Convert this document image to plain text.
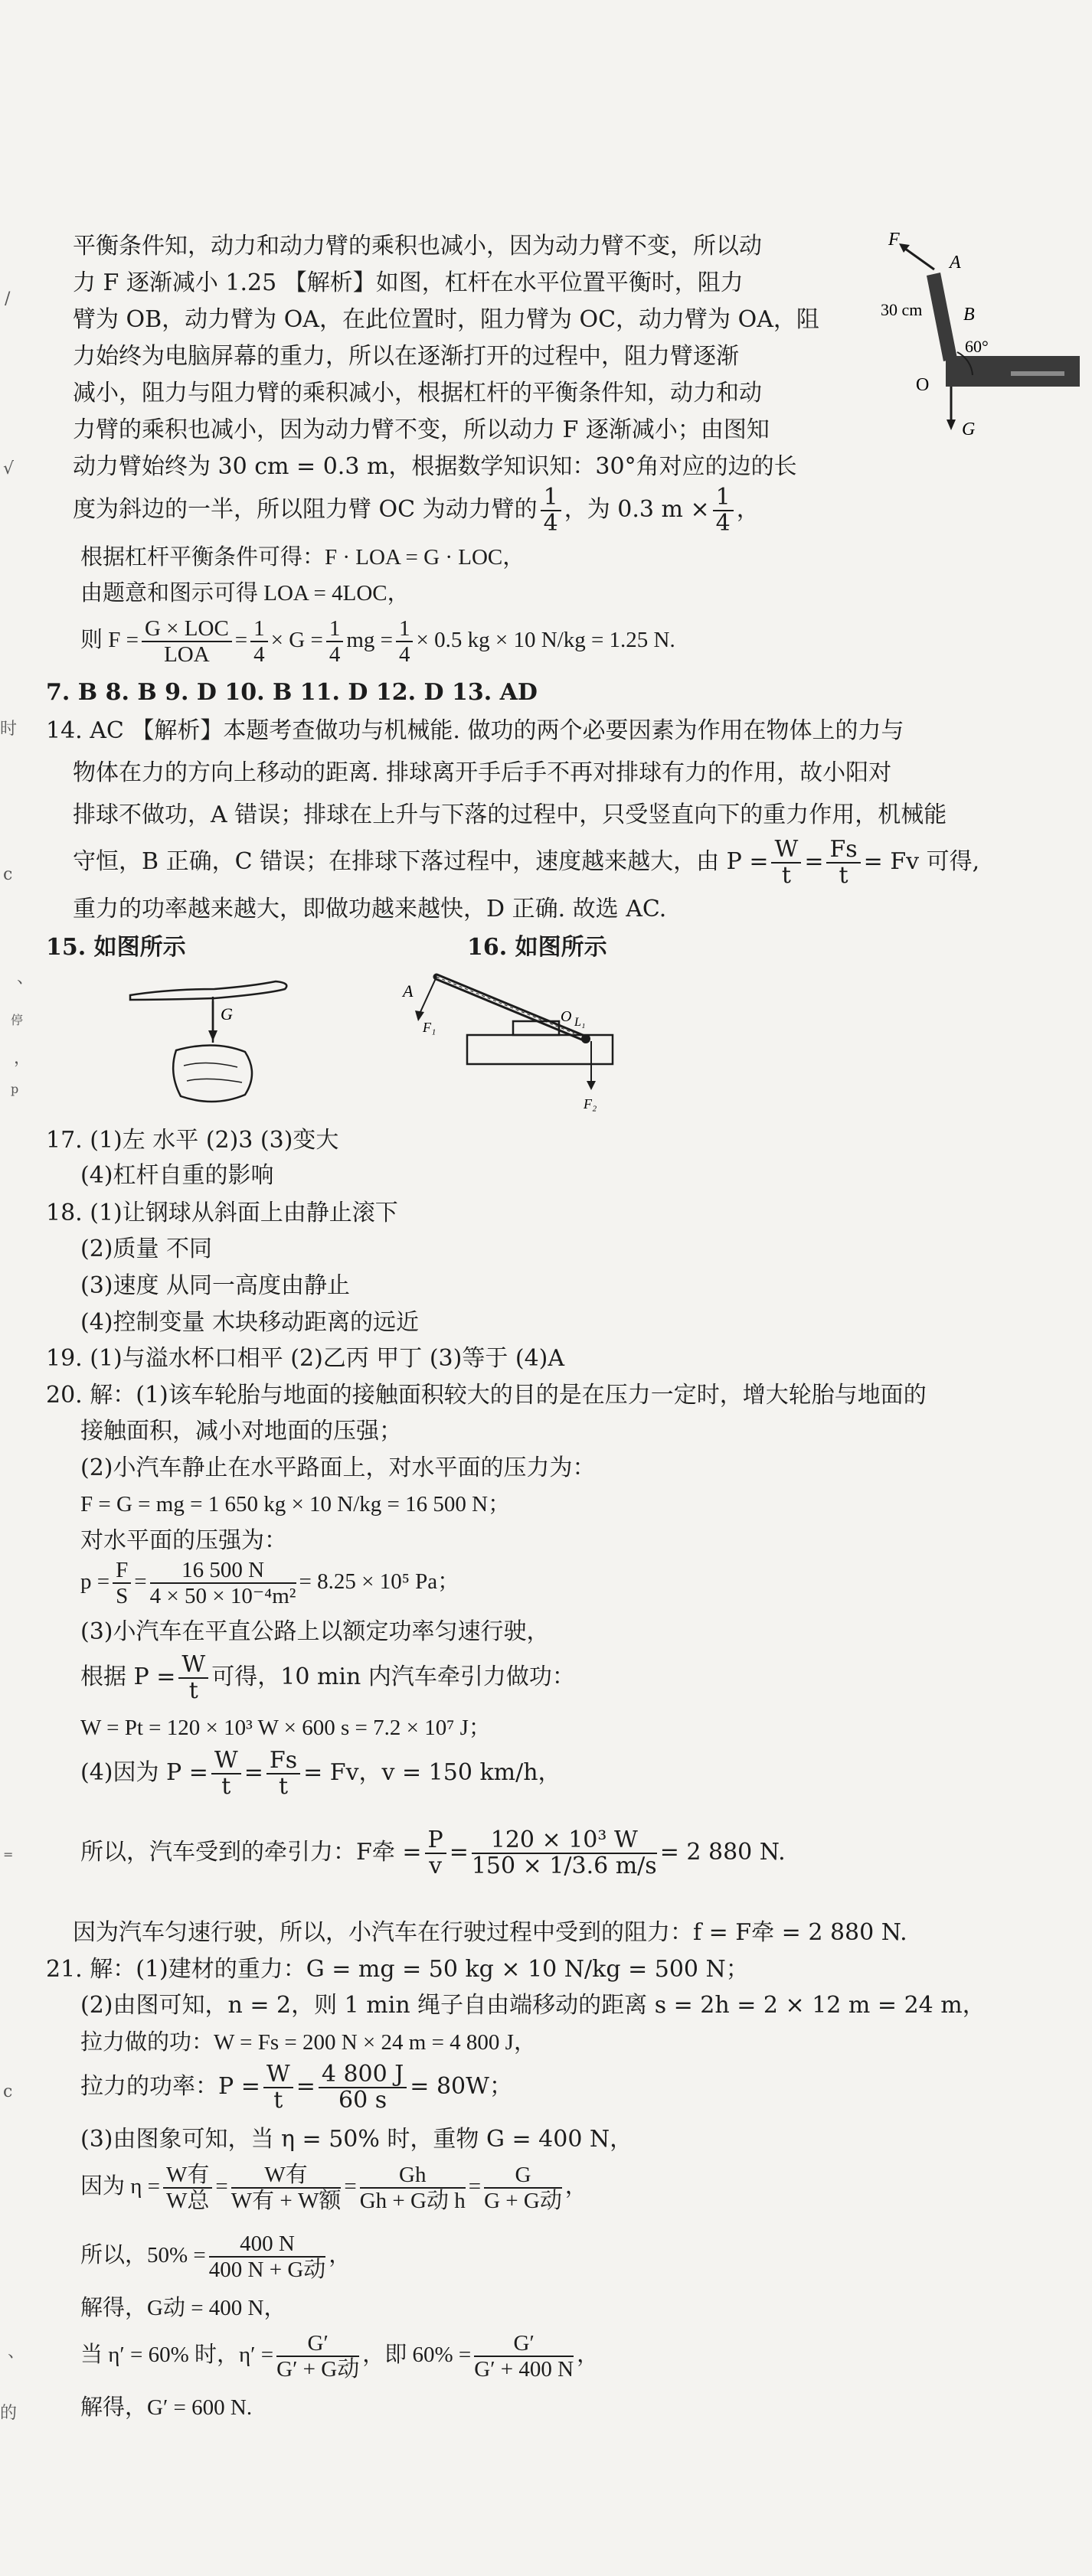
/
√
时
c
、
停
，
p
=
c
、
的
F
A
B
30 cm
60°
O
G
平衡条件知，动力和动力臂的乘积也减小，因为动力臂不变，所以动
力 F 逐渐减小 1.25 【解析】如图，杠杆在水平位置平衡时，阻力
臂为 OB，动力臂为 OA，在此位置时，阻力臂为 OC，动力臂为 OA，阻
力始终为电脑屏幕的重力，所以在逐渐打开的过程中，阻力臂逐渐
减小，阻力与阻力臂的乘积减小，根据杠杆的平衡条件知，动力和动
力臂的乘积也减小，因为动力臂不变，所以动力 F 逐渐减小；由图知
动力臂始终为 30 cm = 0.3 m，根据数学知识知：30°角对应的边的长
度为斜边的一半，所以阻力臂 OC 为动力臂的 $\frac{1}{4}$ ，为 0.3 $m \times \frac{1}{4}$ ，
根据杠杆平衡条件可得：F · LOA = G · LOC，
由题意和图示可得 LOA = 4LOC，
则 $F = \frac{\text{G × LOC}}{\text{LOA}} = \frac{1}{4} \times G = \frac{1}{4}$ mg = $\frac{1}{4} \times 0.5$ kg × 10 N/kg = 1.25 N.
7. B 8. B 9. D 10. B 11. D 12. D 13. AD
14. AC 【解析】本题考查做功与机械能. 做功的两个必要因素为作用在物体上的力与
物体在力的方向上移动的距离. 排球离开手后手不再对排球有力的作用，故小阳对
排球不做功，A 错误；排球在上升与下落的过程中，只受竖直向下的重力作用，机械能
守恒，B 正确，C 错误；在排球下落过程中，速度越来越大，由 $P = \frac{W}{t} = \frac{Fs}{t} = Fv$ 可得,
重力的功率越来越大，即做功越来越快，D 正确. 故选 AC.
15. 如图所示	16. 如图所示
G
A
F₁
O L₁
F₂
17. (1)左 水平 (2)3 (3)变大
(4)杠杆自重的影响
18. (1)让钢球从斜面上由静止滚下
(2)质量 不同
(3)速度 从同一高度由静止
(4)控制变量 木块移动距离的远近
19. (1)与溢水杯口相平 (2)乙丙 甲丁 (3)等于 (4)A
20. 解：(1)该车轮胎与地面的接触面积较大的目的是在压力一定时，增大轮胎与地面的
接触面积，减小对地面的压强；
(2)小汽车静止在水平路面上，对水平面的压力为：
F = G = mg = 1 650 kg × 10 N/kg = 16 500 N；
对水平面的压强为：
$p = \frac{F}{S} = \frac{16 500 N}{\text{4 × 50 × 10⁻⁴m²}} = 8.25 \times 10^5$ Pa；
(3)小汽车在平直公路上以额定功率匀速行驶，
根据 $P = \frac{W}{t}$ 可得，10 min 内汽车牵引力做功：
W = Pt = 120 × 10³ W × 600 s = 7.2 × 10⁷ J；
(4)因为 $P = \frac{W}{t} = \frac{Fs}{t} = Fv$，v = 150 km/h，
所以，汽车受到的牵引力：F牵 = $\frac{P}{v} = \frac{\text{120 × 10³ W}}{150 \times 1/3.6 m/s} = 2$ 880 N.
因为汽车匀速行驶，所以，小汽车在行驶过程中受到的阻力：f = F牵 = 2 880 N.
21. 解：(1)建材的重力：G = mg = 50 kg × 10 N/kg = 500 N；
(2)由图可知，n = 2，则 1 min 绳子自由端移动的距离 s = 2h = 2 × 12 m = 24 m，
拉力做的功：W = Fs = 200 N × 24 m = 4 800 J，
拉力的功率：$P = \frac{W}{t} = \frac{4 800 J}{60 s} = 80W$；
(3)由图象可知，当 η = 50% 时，重物 G = 400 N，
因为 $\eta = \frac{\text{W有}}{\text{W总}} = \frac{\text{W有}}{\text{W有 + W额}} = \frac{Gh}{\text{Gh + G动 h}} = \frac{G}{\text{G + G动}}$ ，
所以，$50\% = \frac{400 N}{\text{400 N + G动}}$ ，
解得，G动 = 400 N，
当 η′ = 60% 时，$\eta' = \frac{G'}{\text{G′ + G动}}$ ，即 $60\% = \frac{G'}{G' + 400 N}$ ，
解得，G′ = 600 N.
